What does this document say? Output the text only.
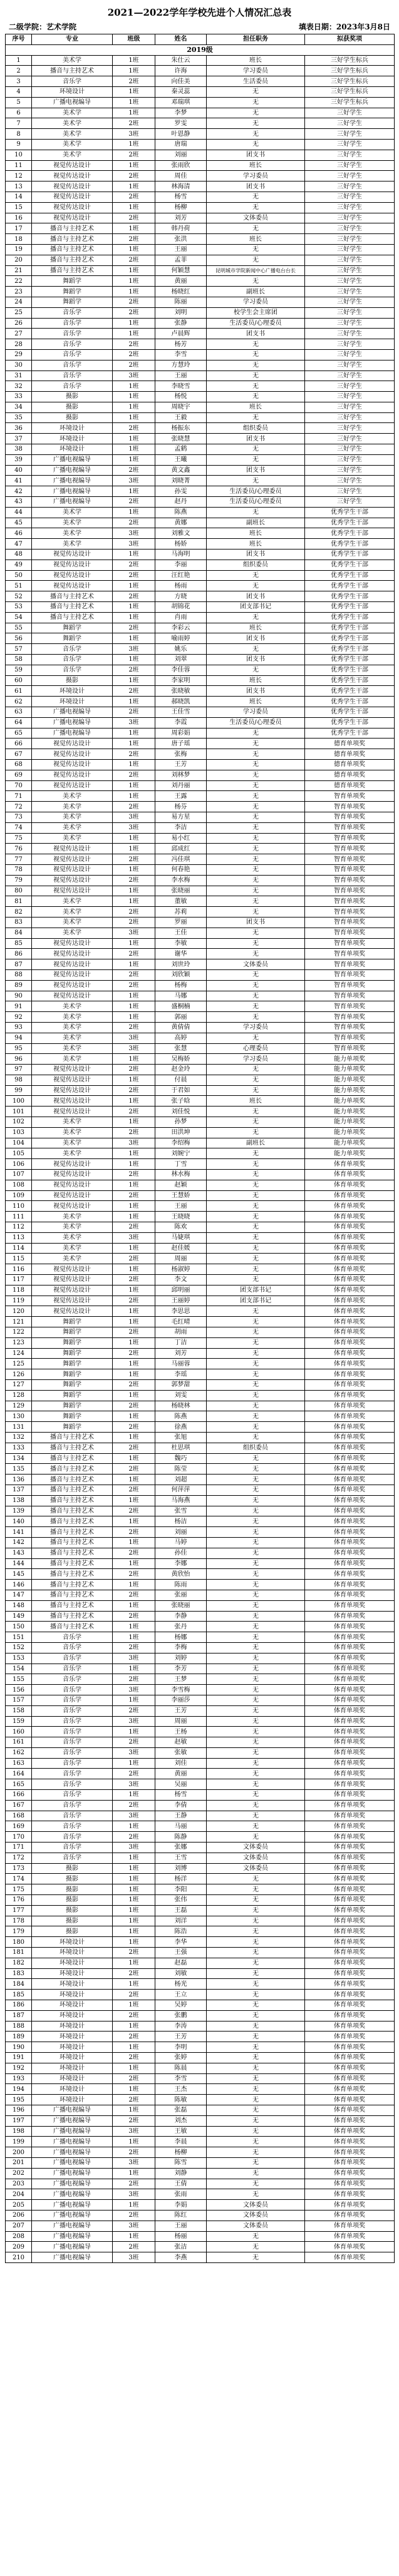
2021—2022学年学校先进个人情况汇总表
二级学院：艺术学院	填表日期：2023年3月8日
序号	专业	班级	姓名	担任职务	拟获奖项
2019级					
1	美术学	1班	朱仕云	班长	三好学生标兵
2	播音与主持艺术	1班	许海	学习委员	三好学生标兵
3	音乐学	2班	向佳美	生活委员	三好学生标兵
4	环境设计	1班	秦灵蕊	无	三好学生标兵
5	广播电视编导	1班	邓瑞琪	无	三好学生标兵
6	美术学	1班	李梦	无	三好学生
7	美术学	2班	罗雯	无	三好学生
8	美术学	3班	叶恩静	无	三好学生
9	美术学	1班	唐瑞	无	三好学生
10	美术学	2班	刘丽	团支书	三好学生
11	视觉传达设计	1班	张雨欣	班长	三好学生
12	视觉传达设计	2班	周佳	学习委员	三好学生
13	视觉传达设计	1班	林海清	团支书	三好学生
14	视觉传达设计	2班	杨雪	无	三好学生
15	视觉传达设计	1班	杨柳	无	三好学生
16	视觉传达设计	2班	刘芳	文体委员	三好学生
17	播音与主持艺术	1班	韩丹荷	无	三好学生
18	播音与主持艺术	2班	张洪	班长	三好学生
19	播音与主持艺术	1班	王丽	无	三好学生
20	播音与主持艺术	2班	孟菲	无	三好学生
21	播音与主持艺术	1班	何颖慧	昆明城市学院新闻中心广播电台台长	三好学生
22	舞蹈学	1班	黄丽	无	三好学生
23	舞蹈学	1班	杨晓红	副班长	三好学生
24	舞蹈学	2班	陈丽	学习委员	三好学生
25	音乐学	2班	刘明	校学生会主席团	三好学生
26	音乐学	1班	张静	生活委员/心理委员	三好学生
27	音乐学	1班	卢晨辉	团支书	三好学生
28	音乐学	2班	杨芳	无	三好学生
29	音乐学	2班	李雪	无	三好学生
30	音乐学	2班	方慧玲	无	三好学生
31	音乐学	3班	王丽	无	三好学生
32	音乐学	1班	李晓雪	无	三好学生
33	摄影	1班	杨悦	无	三好学生
34	摄影	1班	周晓宇	班长	三好学生
35	摄影	1班	王毅	无	三好学生
36	环境设计	2班	杨振东	组织委员	三好学生
37	环境设计	1班	张晓慧	团支书	三好学生
38	环境设计	1班	孟鹤	无	三好学生
39	广播电视编导	1班	王曦	无	三好学生
40	广播电视编导	2班	黄文鑫	团支书	三好学生
41	广播电视编导	3班	刘晓菁	无	三好学生
42	广播电视编导	1班	孙雯	生活委员/心理委员	三好学生
43	广播电视编导	2班	赵丹	生活委员/心理委员	三好学生
44	美术学	1班	陈燕	无	优秀学生干部
45	美术学	2班	黄娜	副班长	优秀学生干部
46	美术学	3班	刘雅文	班长	优秀学生干部
47	美术学	3班	杨娇	班长	优秀学生干部
48	视觉传达设计	1班	马海明	团支书	优秀学生干部
49	视觉传达设计	2班	李丽	组织委员	优秀学生干部
50	视觉传达设计	2班	汪红艳	无	优秀学生干部
51	视觉传达设计	1班	杨雨	无	优秀学生干部
52	播音与主持艺术	2班	方晓	团支书	优秀学生干部
53	播音与主持艺术	1班	胡锦花	团支部书记	优秀学生干部
54	播音与主持艺术	1班	肖雨	无	优秀学生干部
55	舞蹈学	2班	李彩云	班长	优秀学生干部
56	舞蹈学	1班	喻雨婷	团支书	优秀学生干部
57	音乐学	3班	姚乐	无	优秀学生干部
58	音乐学	1班	刘翠	团支书	优秀学生干部
59	音乐学	2班	李佳蓉	无	优秀学生干部
60	摄影	1班	李家明	班长	优秀学生干部
61	环境设计	2班	张晓敏	团支书	优秀学生干部
62	环境设计	1班	郝晓凯	班长	优秀学生干部
63	广播电视编导	2班	王佳雪	学习委员	优秀学生干部
64	广播电视编导	3班	李霞	生活委员/心理委员	优秀学生干部
65	广播电视编导	1班	周彩娟	无	优秀学生干部
66	视觉传达设计	1班	唐子瑶	无	德育单项奖
67	视觉传达设计	2班	张梅	无	德育单项奖
68	视觉传达设计	1班	王芳	无	德育单项奖
69	视觉传达设计	2班	刘林梦	无	德育单项奖
70	视觉传达设计	1班	刘丹丽	无	德育单项奖
71	美术学	1班	王露	无	智育单项奖
72	美术学	2班	杨芬	无	智育单项奖
73	美术学	3班	易方星	无	智育单项奖
74	美术学	3班	李洁	无	智育单项奖
75	美术学	1班	易小红	无	智育单项奖
76	视觉传达设计	1班	邱成红	无	智育单项奖
77	视觉传达设计	2班	冯佳琪	无	智育单项奖
78	视觉传达设计	1班	何春艳	无	智育单项奖
79	视觉传达设计	2班	李水梅	无	智育单项奖
80	视觉传达设计	1班	张晓丽	无	智育单项奖
81	美术学	1班	董敏	无	智育单项奖
82	美术学	2班	苏莉	无	智育单项奖
83	美术学	2班	罗丽	团支书	智育单项奖
84	美术学	3班	王佳	无	智育单项奖
85	视觉传达设计	1班	李敏	无	智育单项奖
86	视觉传达设计	2班	谢华	无	智育单项奖
87	视觉传达设计	1班	刘世玲	文体委员	智育单项奖
88	视觉传达设计	2班	刘欣颖	无	智育单项奖
89	视觉传达设计	2班	杨梅	无	智育单项奖
90	视觉传达设计	1班	马娜	无	智育单项奖
91	美术学	1班	盛桐楠	无	智育单项奖
92	美术学	1班	郭丽	无	智育单项奖
93	美术学	2班	黄倩倩	学习委员	智育单项奖
94	美术学	3班	高婷	无	智育单项奖
95	美术学	3班	张慧	心理委员	智育单项奖
96	美术学	1班	吴梅娇	学习委员	能力单项奖
97	视觉传达设计	2班	赵金玲	无	能力单项奖
98	视觉传达设计	1班	付晨	无	能力单项奖
99	视觉传达设计	2班	于君如	无	能力单项奖
100	视觉传达设计	1班	张子晗	班长	能力单项奖
101	视觉传达设计	2班	刘佳悦	无	能力单项奖
102	美术学	1班	孙梦	无	能力单项奖
103	美术学	2班	田洪坤	无	能力单项奖
104	美术学	3班	李绍梅	副班长	能力单项奖
105	美术学	1班	刘婉宁	无	能力单项奖
106	视觉传达设计	1班	丁雪	无	体育单项奖
107	视觉传达设计	2班	林水梅	无	体育单项奖
108	视觉传达设计	1班	赵颖	无	体育单项奖
109	视觉传达设计	2班	王慧娇	无	体育单项奖
110	视觉传达设计	1班	王丽	无	体育单项奖
111	美术学	1班	王晓晓	无	体育单项奖
112	美术学	2班	陈欢	无	体育单项奖
113	美术学	3班	马婕琪	无	体育单项奖
114	美术学	1班	赵佳媛	无	体育单项奖
115	美术学	2班	周丽	无	体育单项奖
116	视觉传达设计	1班	杨淑婷	无	体育单项奖
117	视觉传达设计	2班	李文	无	体育单项奖
118	视觉传达设计	1班	邱明丽	团支部书记	体育单项奖
119	视觉传达设计	2班	王丽婷	团支部书记	体育单项奖
120	视觉传达设计	1班	李思思	无	体育单项奖
121	舞蹈学	1班	毛红晴	无	体育单项奖
122	舞蹈学	2班	胡雨	无	体育单项奖
123	舞蹈学	1班	丁洁	无	体育单项奖
124	舞蹈学	2班	刘芳	无	体育单项奖
125	舞蹈学	1班	马丽蓉	无	体育单项奖
126	舞蹈学	1班	李瑶	无	体育单项奖
127	舞蹈学	2班	郭梦甜	无	体育单项奖
128	舞蹈学	1班	刘雯	无	体育单项奖
129	舞蹈学	2班	杨晓林	无	体育单项奖
130	舞蹈学	1班	陈燕	无	体育单项奖
131	舞蹈学	2班	徐燕	无	体育单项奖
132	播音与主持艺术	1班	张旭	无	体育单项奖
133	播音与主持艺术	2班	杜思琪	组织委员	体育单项奖
134	播音与主持艺术	1班	魏巧	无	体育单项奖
135	播音与主持艺术	2班	陈莹	无	体育单项奖
136	播音与主持艺术	1班	刘超	无	体育单项奖
137	播音与主持艺术	2班	何萍萍	无	体育单项奖
138	播音与主持艺术	1班	马海燕	无	体育单项奖
139	播音与主持艺术	2班	张雪	无	体育单项奖
140	播音与主持艺术	1班	杨洁	无	体育单项奖
141	播音与主持艺术	2班	刘丽	无	体育单项奖
142	播音与主持艺术	1班	马婷	无	体育单项奖
143	播音与主持艺术	2班	孙佳	无	体育单项奖
144	播音与主持艺术	1班	李娜	无	体育单项奖
145	播音与主持艺术	2班	黄欣怡	无	体育单项奖
146	播音与主持艺术	1班	陈雨	无	体育单项奖
147	播音与主持艺术	2班	张丽	无	体育单项奖
148	播音与主持艺术	1班	张晓丽	无	体育单项奖
149	播音与主持艺术	2班	李静	无	体育单项奖
150	播音与主持艺术	1班	张丹	无	体育单项奖
151	音乐学	1班	杨娜	无	体育单项奖
152	音乐学	2班	李梅	无	体育单项奖
153	音乐学	3班	刘婷	无	体育单项奖
154	音乐学	1班	李芳	无	体育单项奖
155	音乐学	2班	王梦	无	体育单项奖
156	音乐学	3班	李雪梅	无	体育单项奖
157	音乐学	1班	李丽莎	无	体育单项奖
158	音乐学	2班	王芳	无	体育单项奖
159	音乐学	3班	周丽	无	体育单项奖
160	音乐学	1班	王杨	无	体育单项奖
161	音乐学	2班	赵敏	无	体育单项奖
162	音乐学	3班	张敏	无	体育单项奖
163	音乐学	1班	刘佳	无	体育单项奖
164	音乐学	2班	黄丽	无	体育单项奖
165	音乐学	3班	吴丽	无	体育单项奖
166	音乐学	1班	杨雪	无	体育单项奖
167	音乐学	2班	李倩	无	体育单项奖
168	音乐学	3班	王静	无	体育单项奖
169	音乐学	1班	马丽	无	体育单项奖
170	音乐学	2班	陈静	无	体育单项奖
171	音乐学	3班	张娜	文体委员	体育单项奖
172	音乐学	1班	王雪	文体委员	体育单项奖
173	摄影	1班	刘博	文体委员	体育单项奖
174	摄影	1班	杨洋	无	体育单项奖
175	摄影	1班	李阳	无	体育单项奖
176	摄影	1班	张伟	无	体育单项奖
177	摄影	1班	王磊	无	体育单项奖
178	摄影	1班	刘洋	无	体育单项奖
179	摄影	1班	陈浩	无	体育单项奖
180	环境设计	1班	李华	无	体育单项奖
181	环境设计	2班	王强	无	体育单项奖
182	环境设计	1班	赵磊	无	体育单项奖
183	环境设计	2班	刘敏	无	体育单项奖
184	环境设计	1班	杨光	无	体育单项奖
185	环境设计	2班	王立	无	体育单项奖
186	环境设计	1班	吴婷	无	体育单项奖
187	环境设计	2班	张鹏	无	体育单项奖
188	环境设计	1班	李涛	无	体育单项奖
189	环境设计	2班	王芳	无	体育单项奖
190	环境设计	1班	李明	无	体育单项奖
191	环境设计	2班	张婷	无	体育单项奖
192	环境设计	1班	陈晨	无	体育单项奖
193	环境设计	2班	李雪	无	体育单项奖
194	环境设计	1班	王杰	无	体育单项奖
195	环境设计	2班	陈敏	无	体育单项奖
196	广播电视编导	1班	张磊	无	体育单项奖
197	广播电视编导	2班	刘杰	无	体育单项奖
198	广播电视编导	3班	王敏	无	体育单项奖
199	广播电视编导	1班	李晨	无	体育单项奖
200	广播电视编导	2班	杨柳	无	体育单项奖
201	广播电视编导	3班	陈雪	无	体育单项奖
202	广播电视编导	1班	刘静	无	体育单项奖
203	广播电视编导	2班	王倩	无	体育单项奖
204	广播电视编导	3班	张雨	无	体育单项奖
205	广播电视编导	1班	李娟	文体委员	体育单项奖
206	广播电视编导	2班	陈红	文体委员	体育单项奖
207	广播电视编导	3班	王丽	文体委员	体育单项奖
208	广播电视编导	1班	杨丽	无	体育单项奖
209	广播电视编导	2班	张洁	无	体育单项奖
210	广播电视编导	3班	李燕	无	体育单项奖
